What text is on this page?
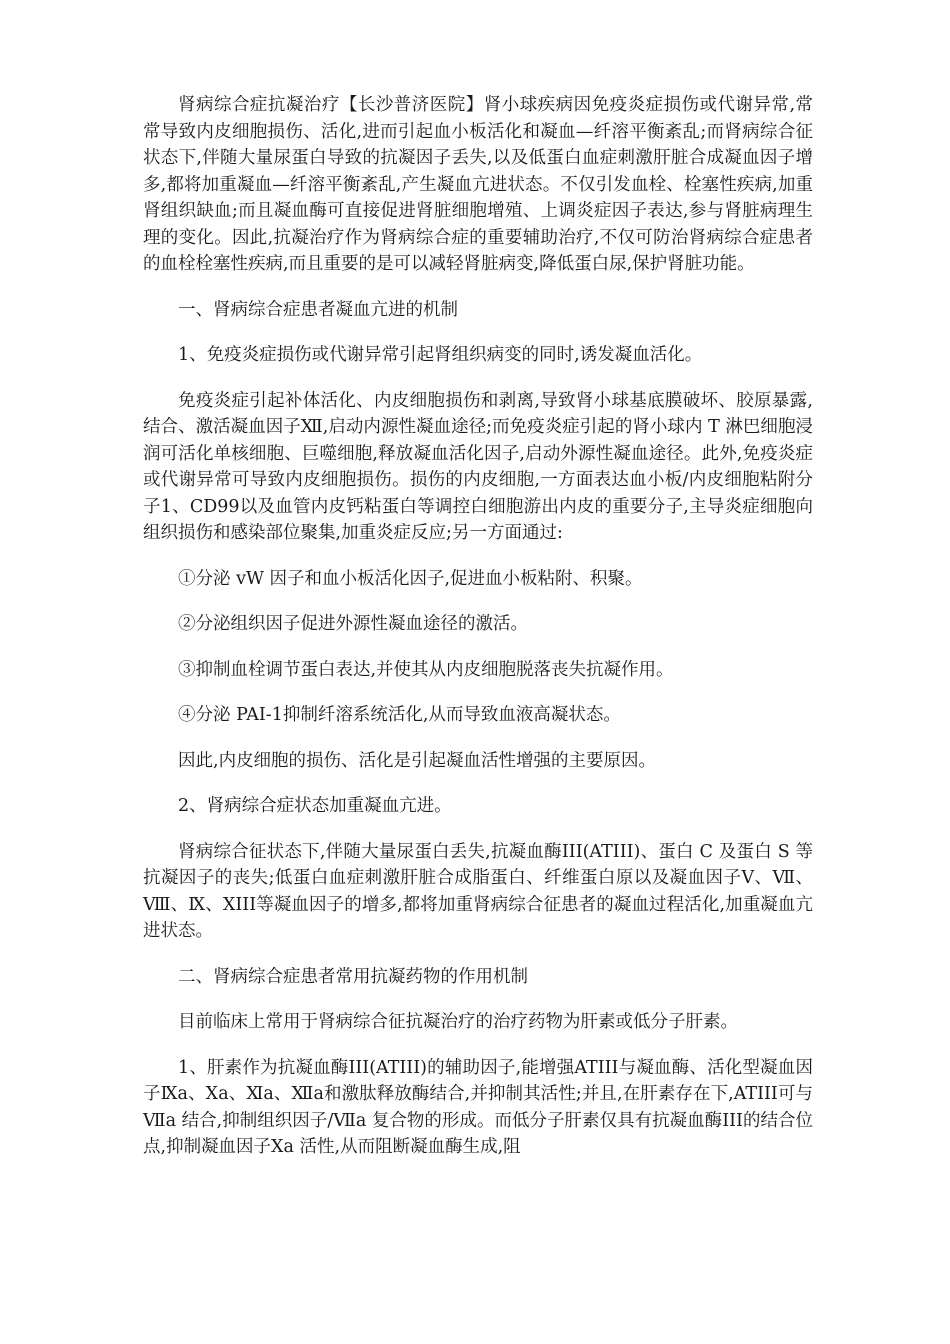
肾病综合症抗凝治疗【长沙普济医院】肾小球疾病因免疫炎症损伤或代谢异常,常常导致内皮细胞损伤、活化,进而引起血小板活化和凝血—纤溶平衡紊乱;而肾病综合征状态下,伴随大量尿蛋白导致的抗凝因子丢失,以及低蛋白血症刺激肝脏合成凝血因子增多,都将加重凝血—纤溶平衡紊乱,产生凝血亢进状态。不仅引发血栓、栓塞性疾病,加重肾组织缺血;而且凝血酶可直接促进肾脏细胞增殖、上调炎症因子表达,参与肾脏病理生理的变化。因此,抗凝治疗作为肾病综合症的重要辅助治疗,不仅可防治肾病综合症患者的血栓栓塞性疾病,而且重要的是可以减轻肾脏病变,降低蛋白尿,保护肾脏功能。

一、肾病综合症患者凝血亢进的机制

1、免疫炎症损伤或代谢异常引起肾组织病变的同时,诱发凝血活化。

免疫炎症引起补体活化、内皮细胞损伤和剥离,导致肾小球基底膜破坏、胶原暴露,结合、激活凝血因子Ⅻ,启动内源性凝血途径;而免疫炎症引起的肾小球内 T 淋巴细胞浸润可活化单核细胞、巨噬细胞,释放凝血活化因子,启动外源性凝血途径。此外,免疫炎症或代谢异常可导致内皮细胞损伤。损伤的内皮细胞,一方面表达血小板/内皮细胞粘附分子1、CD99以及血管内皮钙粘蛋白等调控白细胞游出内皮的重要分子,主导炎症细胞向组织损伤和感染部位聚集,加重炎症反应;另一方面通过:

①分泌 vW 因子和血小板活化因子,促进血小板粘附、积聚。

②分泌组织因子促进外源性凝血途径的激活。

③抑制血栓调节蛋白表达,并使其从内皮细胞脱落丧失抗凝作用。

④分泌 PAI-1抑制纤溶系统活化,从而导致血液高凝状态。

因此,内皮细胞的损伤、活化是引起凝血活性增强的主要原因。

2、肾病综合症状态加重凝血亢进。

肾病综合征状态下,伴随大量尿蛋白丢失,抗凝血酶III(ATIII)、蛋白 C 及蛋白 S 等抗凝因子的丧失;低蛋白血症刺激肝脏合成脂蛋白、纤维蛋白原以及凝血因子Ⅴ、Ⅶ、Ⅷ、Ⅸ、ⅩIII等凝血因子的增多,都将加重肾病综合征患者的凝血过程活化,加重凝血亢进状态。

二、肾病综合症患者常用抗凝药物的作用机制

目前临床上常用于肾病综合征抗凝治疗的治疗药物为肝素或低分子肝素。

1、肝素作为抗凝血酶III(ATIII)的辅助因子,能增强ATIII与凝血酶、活化型凝血因子Ⅸa、Ⅹa、Ⅺa、Ⅻa和激肽释放酶结合,并抑制其活性;并且,在肝素存在下,ATIII可与Ⅶa 结合,抑制组织因子/Ⅶa 复合物的形成。而低分子肝素仅具有抗凝血酶III的结合位点,抑制凝血因子Ⅹa 活性,从而阻断凝血酶生成,阻
